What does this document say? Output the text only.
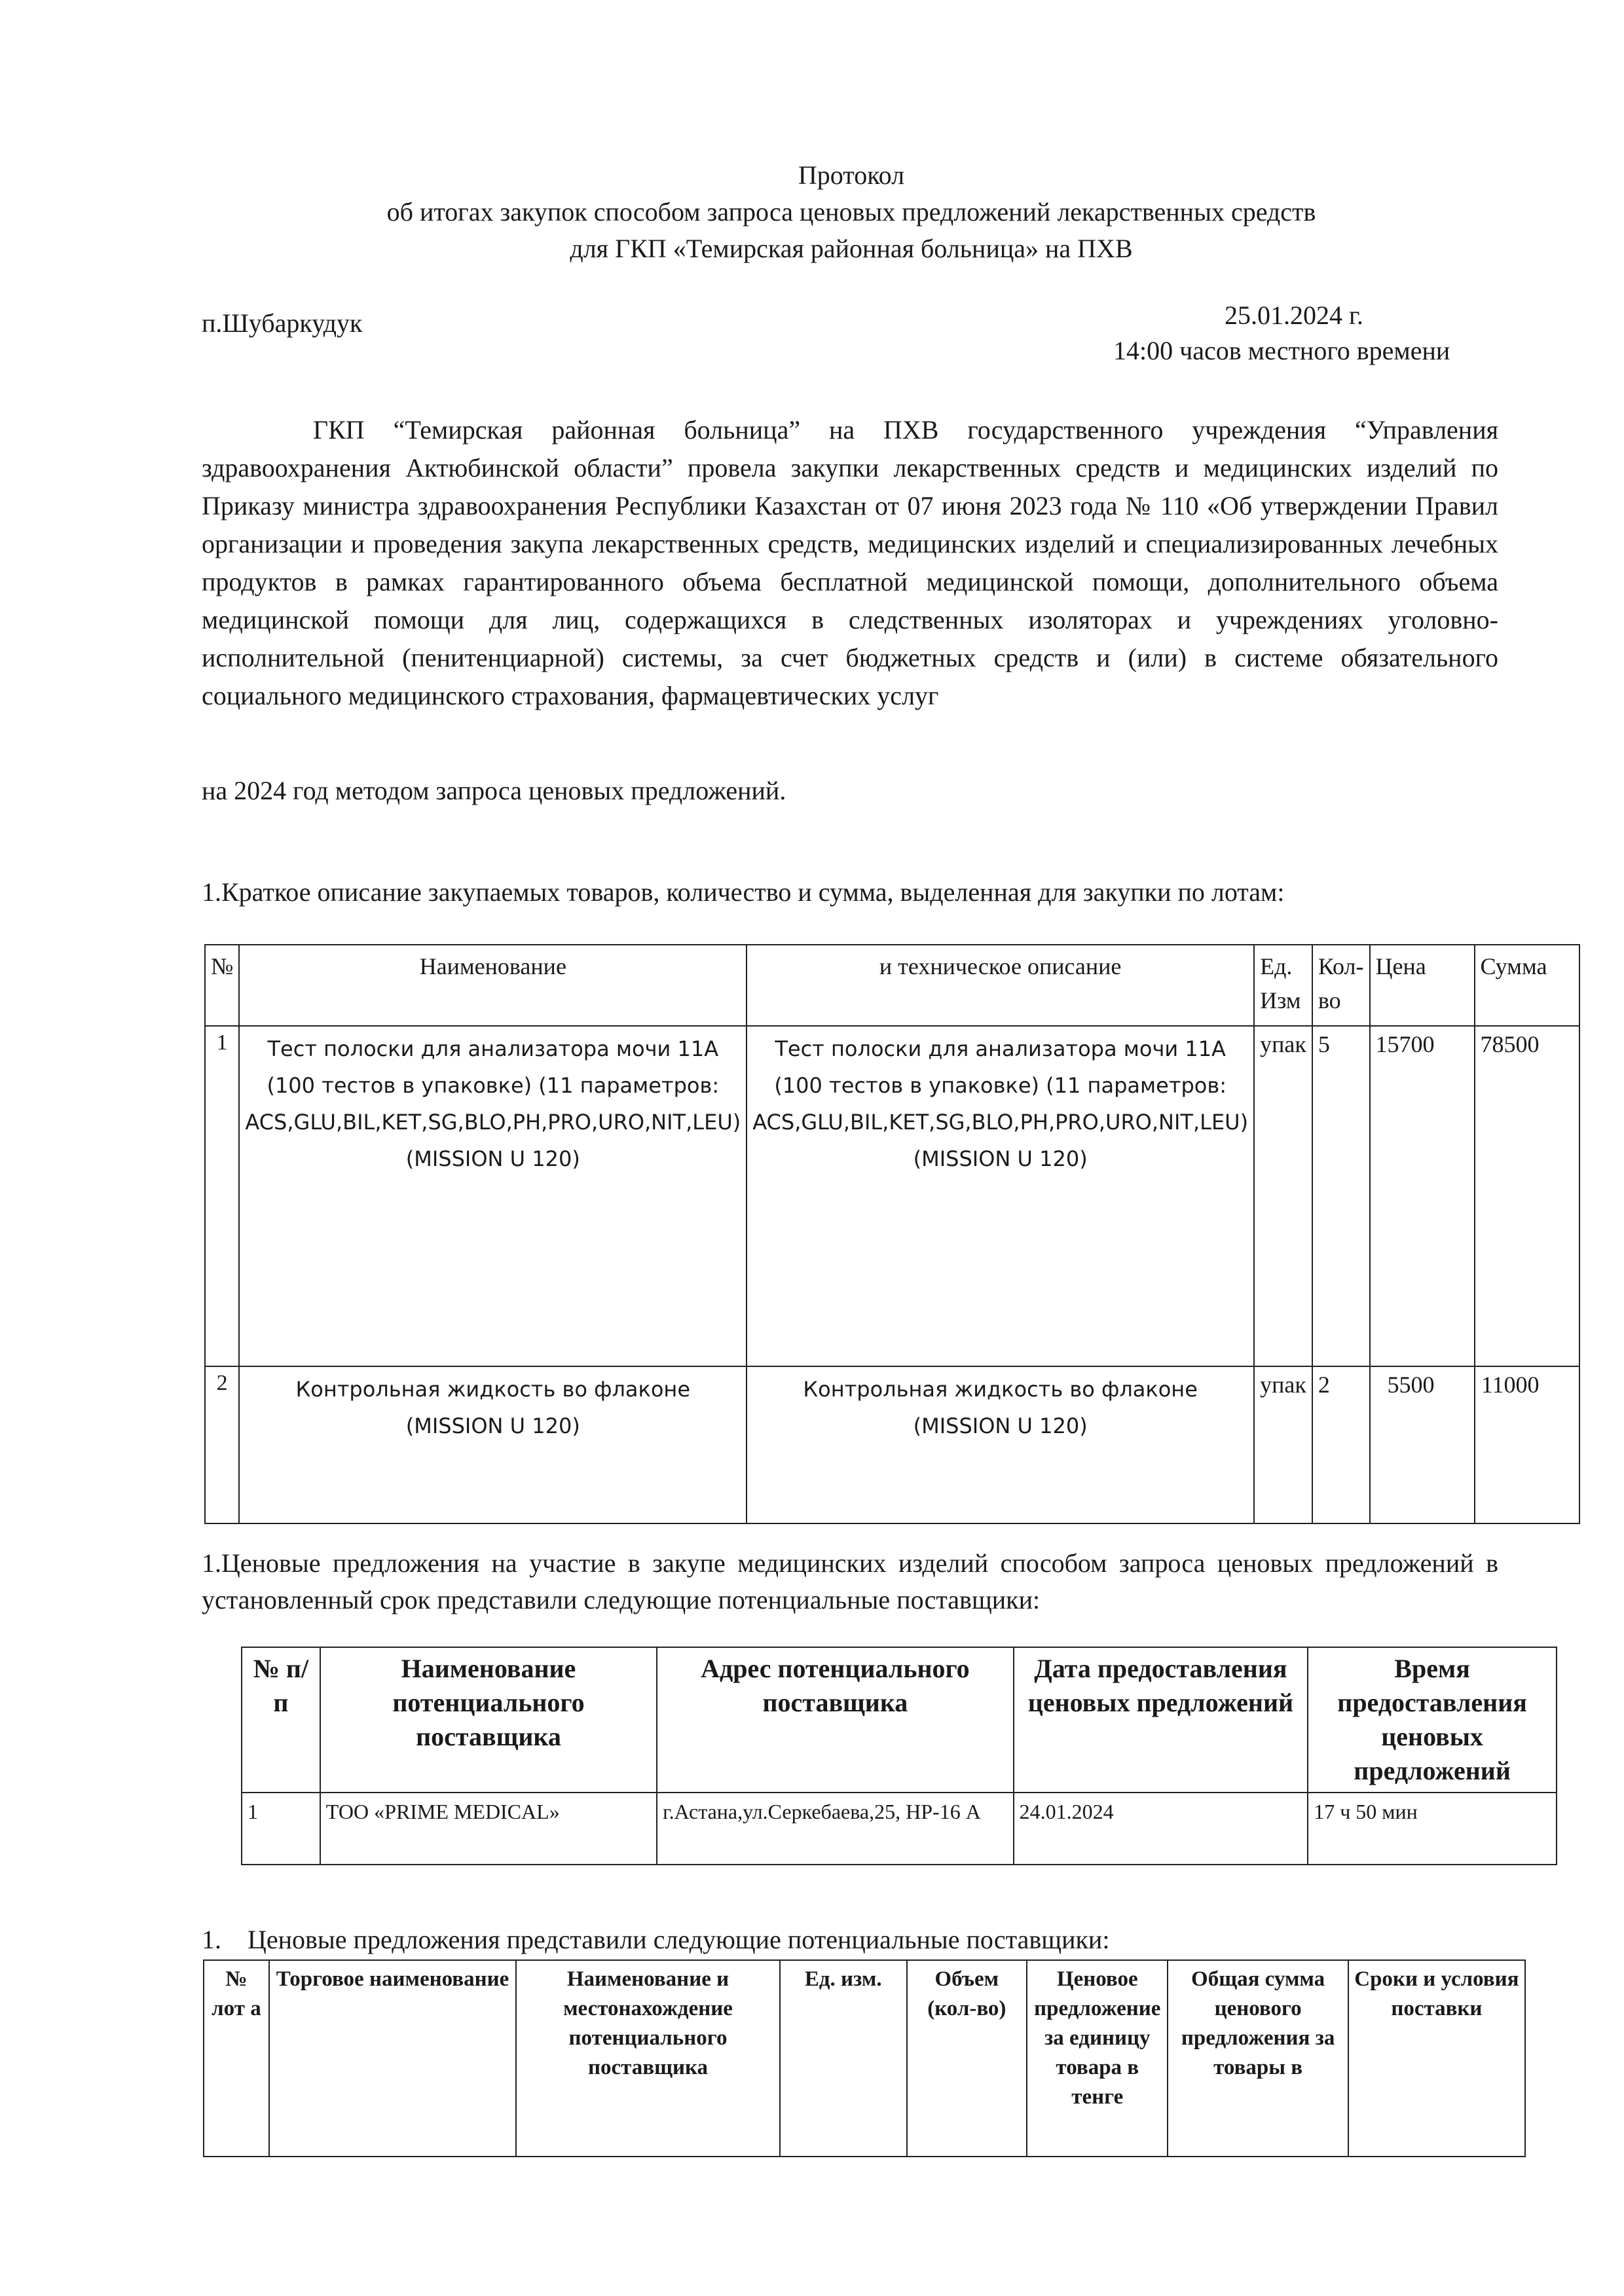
Протокол
об итогах закупок способом запроса ценовых предложений лекарственных средств
для ГКП «Темирская районная больница» на ПХВ
п.Шубаркудук	25.01.2024 г.
14:00 часов местного времени
ГКП “Темирская районная больница” на ПХВ государственного учреждения “Управления здравоохранения Актюбинской области” провела закупки лекарственных средств и медицинских изделий по Приказу министра здравоохранения Республики Казахстан от 07 июня 2023 года № 110 «Об утверждении Правил организации и проведения закупа лекарственных средств, медицинских изделий и специализированных лечебных продуктов в рамках гарантированного объема бесплатной медицинской помощи, дополнительного объема медицинской помощи для лиц, содержащихся в следственных изоляторах и учреждениях уголовно-исполнительной (пенитенциарной) системы, за счет бюджетных средств и (или) в системе обязательного социального медицинского страхования, фармацевтических услуг
на 2024 год методом запроса ценовых предложений.
1.Краткое описание закупаемых товаров, количество и сумма, выделенная для закупки по лотам:
№	Наименование	и техническое описание	Ед. Изм	Кол-во	Цена	Сумма
1	Тест полоски для анализатора мочи 11А (100 тестов в упаковке) (11 параметров: ACS,GLU,BIL,KET,SG,BLO,PH,PRO,URO,NIT,LEU) (MISSION U 120)	Тест полоски для анализатора мочи 11А (100 тестов в упаковке) (11 параметров: ACS,GLU,BIL,KET,SG,BLO,PH,PRO,URO,NIT,LEU) (MISSION U 120)	упак	5	15700	78500
2	Контрольная жидкость во флаконе (MISSION U 120)	Контрольная жидкость во флаконе (MISSION U 120)	упак	2	5500	11000
1.Ценовые предложения на участие в закупе медицинских изделий способом запроса ценовых предложений в установленный срок представили следующие потенциальные поставщики:
№ п/п	Наименование потенциального поставщика	Адрес потенциального поставщика	Дата предоставления ценовых предложений	Время предоставления ценовых предложений
1	ТОО «PRIME MEDICAL»	г.Астана,ул.Серкебаева,25, НР-16 А	24.01.2024	17 ч 50 мин
1. Ценовые предложения представили следующие потенциальные поставщики:
№ лот а	Торговое наименование	Наименование и местонахождение потенциального поставщика	Ед. изм.	Объем (кол-во)	Ценовое предложение за единицу товара в тенге	Общая сумма ценового предложения за товары в	Сроки и условия поставки
